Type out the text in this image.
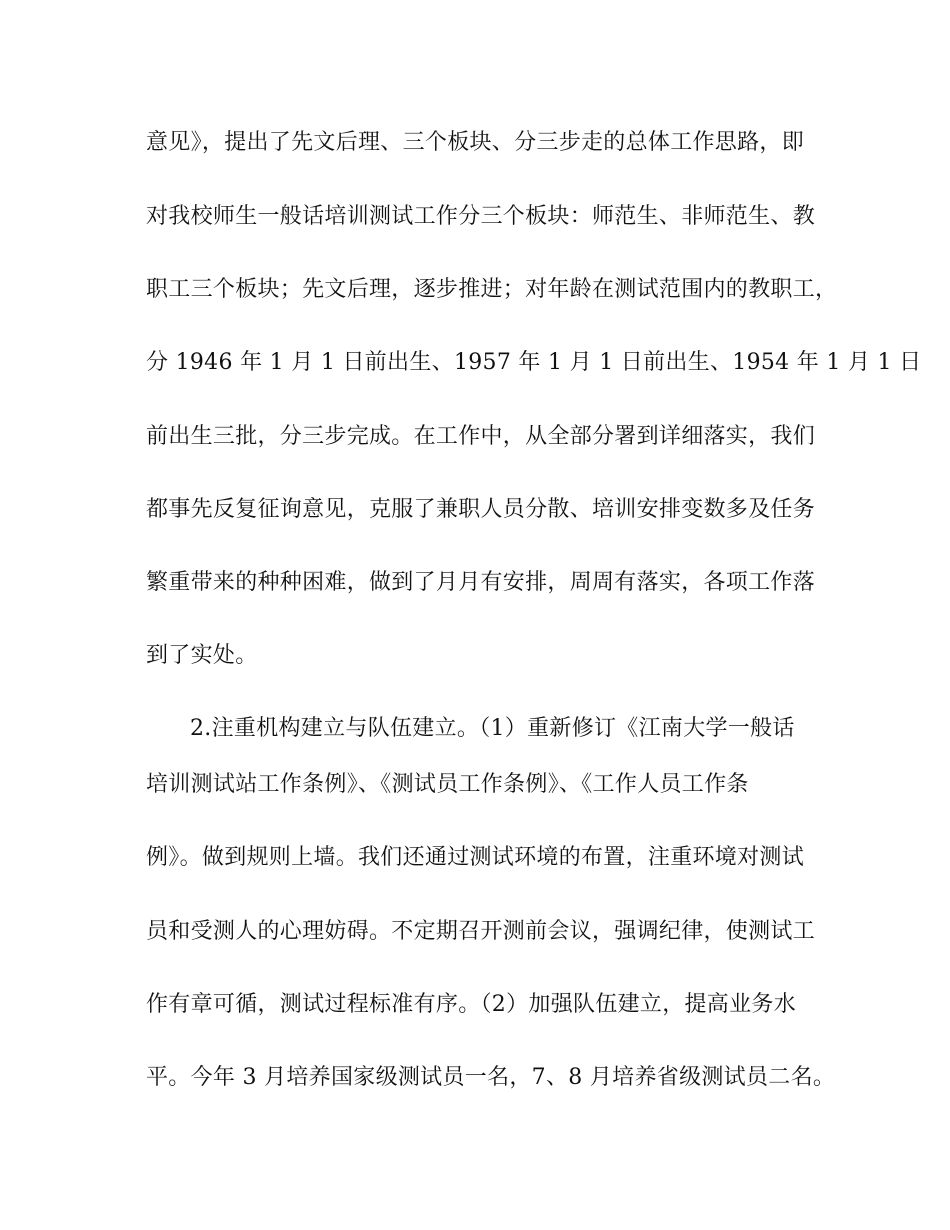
意见》，提出了先文后理、三个板块、分三步走的总体工作思路，即
对我校师生一般话培训测试工作分三个板块：师范生、非师范生、教
职工三个板块；先文后理，逐步推进；对年龄在测试范围内的教职工，
分 1946 年 1 月 1 日前出生、1957 年 1 月 1 日前出生、1954 年 1 月 1 日
前出生三批，分三步完成。在工作中，从全部分署到详细落实，我们
都事先反复征询意见，克服了兼职人员分散、培训安排变数多及任务
繁重带来的种种困难，做到了月月有安排，周周有落实，各项工作落
到了实处。
2.注重机构建立与队伍建立。（1）重新修订《江南大学一般话
培训测试站工作条例》、《测试员工作条例》、《工作人员工作条
例》。做到规则上墙。我们还通过测试环境的布置，注重环境对测试
员和受测人的心理妨碍。不定期召开测前会议，强调纪律，使测试工
作有章可循，测试过程标准有序。（2）加强队伍建立，提高业务水
平。今年 3 月培养国家级测试员一名，7、8 月培养省级测试员二名。
